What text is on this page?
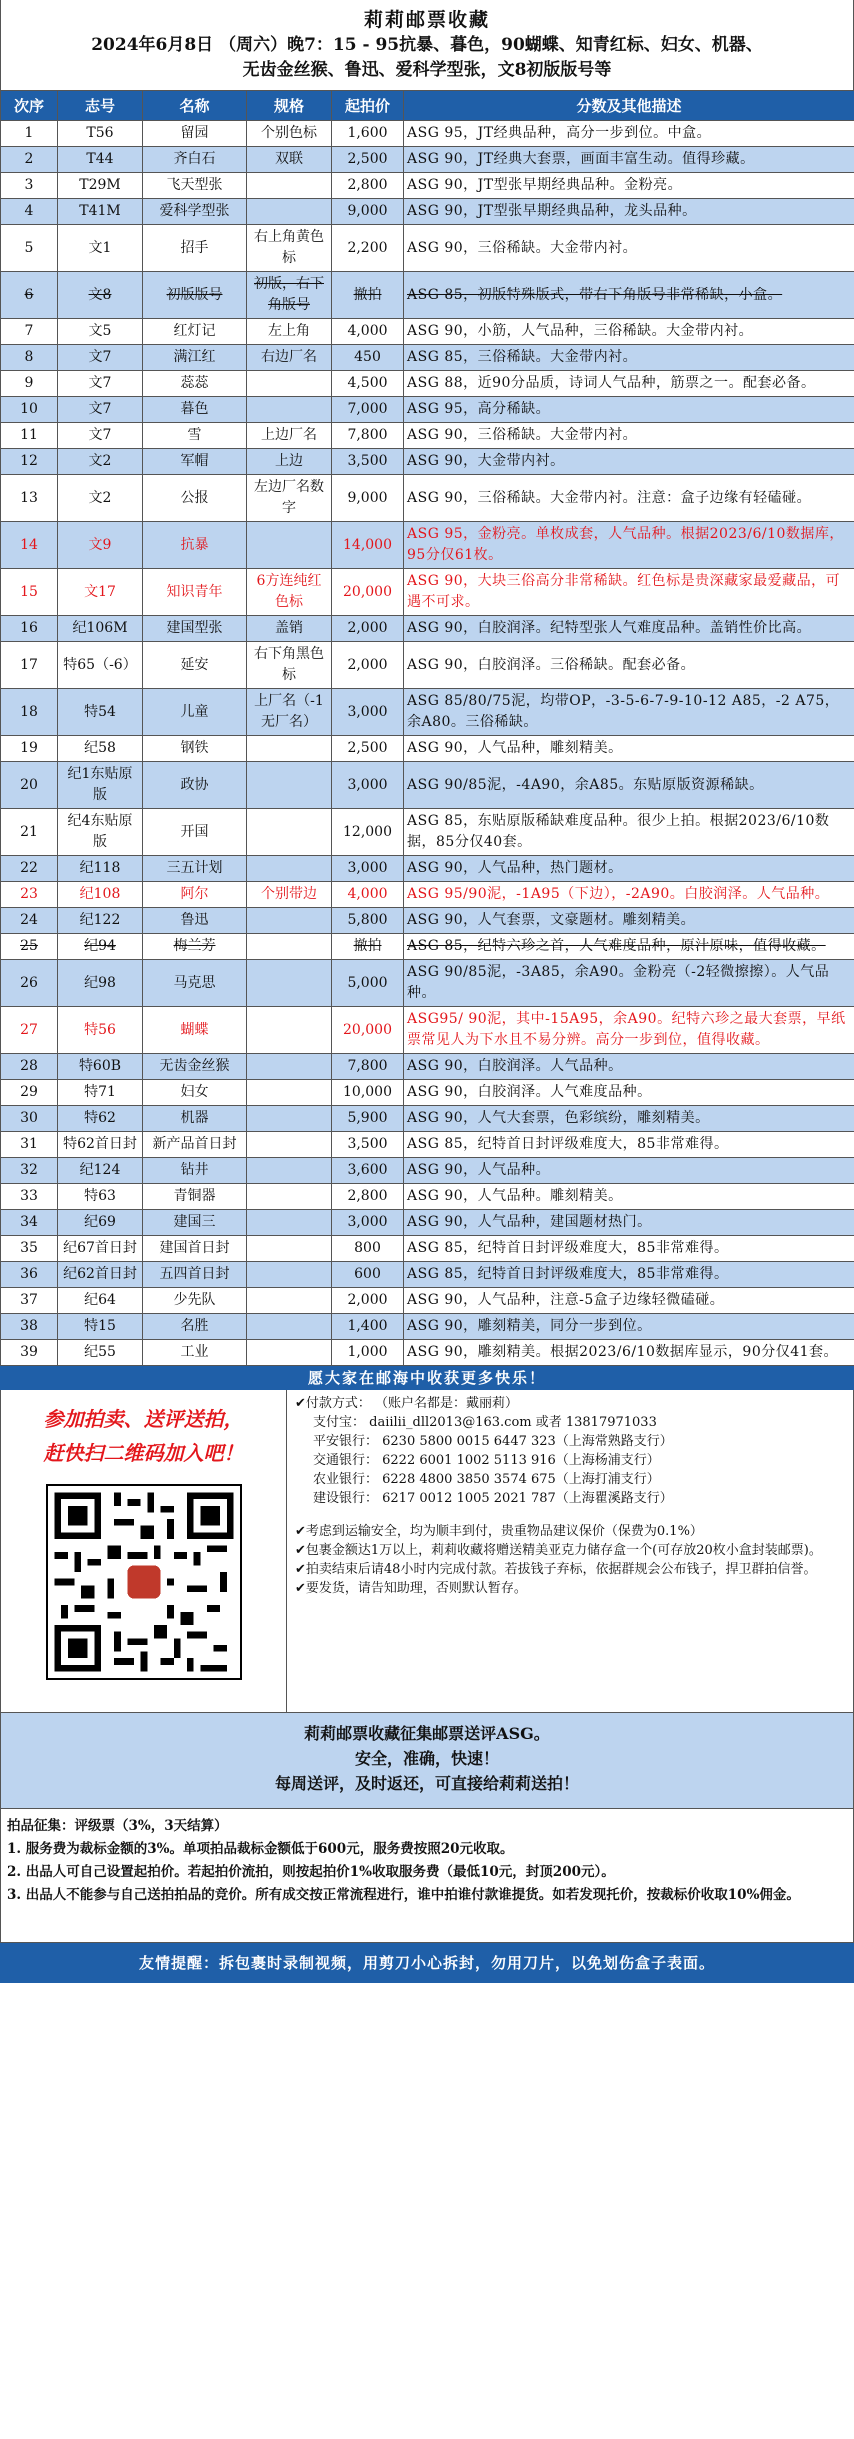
莉莉邮票收藏
2024年6月8日 （周六）晚7：15 - 95抗暴、暮色，90蝴蝶、知青红标、妇女、机器、
无齿金丝猴、鲁迅、爱科学型张，文8初版版号等
次序	志号	名称	规格	起拍价	分数及其他描述
1	T56	留园	个别色标	1,600	ASG 95，JT经典品种，高分一步到位。中盒。
2	T44	齐白石	双联	2,500	ASG 90，JT经典大套票，画面丰富生动。值得珍藏。
3	T29M	飞天型张		2,800	ASG 90，JT型张早期经典品种。金粉亮。
4	T41M	爱科学型张		9,000	ASG 90，JT型张早期经典品种，龙头品种。
5	文1	招手	右上角黄色标	2,200	ASG 90，三俗稀缺。大金带内衬。
6	文8	初版版号	初版，右下角版号	撤拍	ASG 85，初版特殊版式，带右下角版号非常稀缺，小盒。
7	文5	红灯记	左上角	4,000	ASG 90，小筋，人气品种，三俗稀缺。大金带内衬。
8	文7	满江红	右边厂名	450	ASG 85，三俗稀缺。大金带内衬。
9	文7	蕊蕊		4,500	ASG 88，近90分品质，诗词人气品种，筋票之一。配套必备。
10	文7	暮色		7,000	ASG 95，高分稀缺。
11	文7	雪	上边厂名	7,800	ASG 90，三俗稀缺。大金带内衬。
12	文2	军帽	上边	3,500	ASG 90，大金带内衬。
13	文2	公报	左边厂名数字	9,000	ASG 90，三俗稀缺。大金带内衬。注意：盒子边缘有轻磕碰。
14	文9	抗暴		14,000	ASG 95，金粉亮。单枚成套，人气品种。根据2023/6/10数据库，95分仅61枚。
15	文17	知识青年	6方连纯红色标	20,000	ASG 90，大块三俗高分非常稀缺。红色标是贵深藏家最爱藏品，可遇不可求。
16	纪106M	建国型张	盖销	2,000	ASG 90，白胶润泽。纪特型张人气难度品种。盖销性价比高。
17	特65（-6）	延安	右下角黑色标	2,000	ASG 90，白胶润泽。三俗稀缺。配套必备。
18	特54	儿童	上厂名（-1无厂名）	3,000	ASG 85/80/75泥，均带OP，-3-5-6-7-9-10-12 A85，-2 A75，余A80。三俗稀缺。
19	纪58	钢铁		2,500	ASG 90，人气品种，雕刻精美。
20	纪1东贴原版	政协		3,000	ASG 90/85泥，-4A90，余A85。东贴原版资源稀缺。
21	纪4东贴原版	开国		12,000	ASG 85，东贴原版稀缺难度品种。很少上拍。根据2023/6/10数据，85分仅40套。
22	纪118	三五计划		3,000	ASG 90，人气品种，热门题材。
23	纪108	阿尔	个别带边	4,000	ASG 95/90泥，-1A95（下边），-2A90。白胶润泽。人气品种。
24	纪122	鲁迅		5,800	ASG 90，人气套票，文豪题材。雕刻精美。
25	纪94	梅兰芳		撤拍	ASG 85，纪特六珍之首，人气难度品种，原汁原味，值得收藏。
26	纪98	马克思		5,000	ASG 90/85泥，-3A85，余A90。金粉亮（-2轻微擦擦）。人气品种。
27	特56	蝴蝶		20,000	ASG95/ 90泥，其中-15A95，余A90。纪特六珍之最大套票，早纸票常见人为下水且不易分辨。高分一步到位，值得收藏。
28	特60B	无齿金丝猴		7,800	ASG 90，白胶润泽。人气品种。
29	特71	妇女		10,000	ASG 90，白胶润泽。人气难度品种。
30	特62	机器		5,900	ASG 90，人气大套票，色彩缤纷，雕刻精美。
31	特62首日封	新产品首日封		3,500	ASG 85，纪特首日封评级难度大，85非常难得。
32	纪124	钻井		3,600	ASG 90，人气品种。
33	特63	青铜器		2,800	ASG 90，人气品种。雕刻精美。
34	纪69	建国三		3,000	ASG 90，人气品种，建国题材热门。
35	纪67首日封	建国首日封		800	ASG 85，纪特首日封评级难度大，85非常难得。
36	纪62首日封	五四首日封		600	ASG 85，纪特首日封评级难度大，85非常难得。
37	纪64	少先队		2,000	ASG 90，人气品种，注意-5盒子边缘轻微磕碰。
38	特15	名胜		1,400	ASG 90，雕刻精美，同分一步到位。
39	纪55	工业		1,000	ASG 90，雕刻精美。根据2023/6/10数据库显示，90分仅41套。
愿大家在邮海中收获更多快乐！
参加拍卖、送评送拍，
赶快扫二维码加入吧！

✔付款方式： （账户名都是：戴丽莉）

支付宝： daiilii_dll2013@163.com 或者 13817971033

平安银行： 6230 5800 0015 6447 323（上海常熟路支行）

交通银行： 6222 6001 1002 5113 916（上海杨浦支行）

农业银行： 6228 4800 3850 3574 675（上海打浦支行）

建设银行： 6217 0012 1005 2021 787（上海瞿溪路支行）

✔考虑到运输安全，均为顺丰到付，贵重物品建议保价（保费为0.1%）

✔包裹金额达1万以上，莉莉收藏将赠送精美亚克力储存盒一个(可存放20枚小盒封装邮票)。

✔拍卖结束后请48小时内完成付款。若拔钱子弃标，依据群规会公布钱子，捍卫群拍信誉。

✔要发货，请告知助理，否则默认暂存。

莉莉邮票收藏征集邮票送评ASG。
安全，准确，快速！
每周送评，及时返还，可直接给莉莉送拍！
拍品征集：评级票（3%，3天结算）
1. 服务费为裁标金额的3%。单项拍品裁标金额低于600元，服务费按照20元收取。
2. 出品人可自己设置起拍价。若起拍价流拍，则按起拍价1%收取服务费（最低10元，封顶200元）。
3. 出品人不能参与自己送拍拍品的竞价。所有成交按正常流程进行，谁中拍谁付款谁提货。如若发现托价，按裁标价收取10%佣金。
友情提醒：拆包裹时录制视频，用剪刀小心拆封，勿用刀片，以免划伤盒子表面。
